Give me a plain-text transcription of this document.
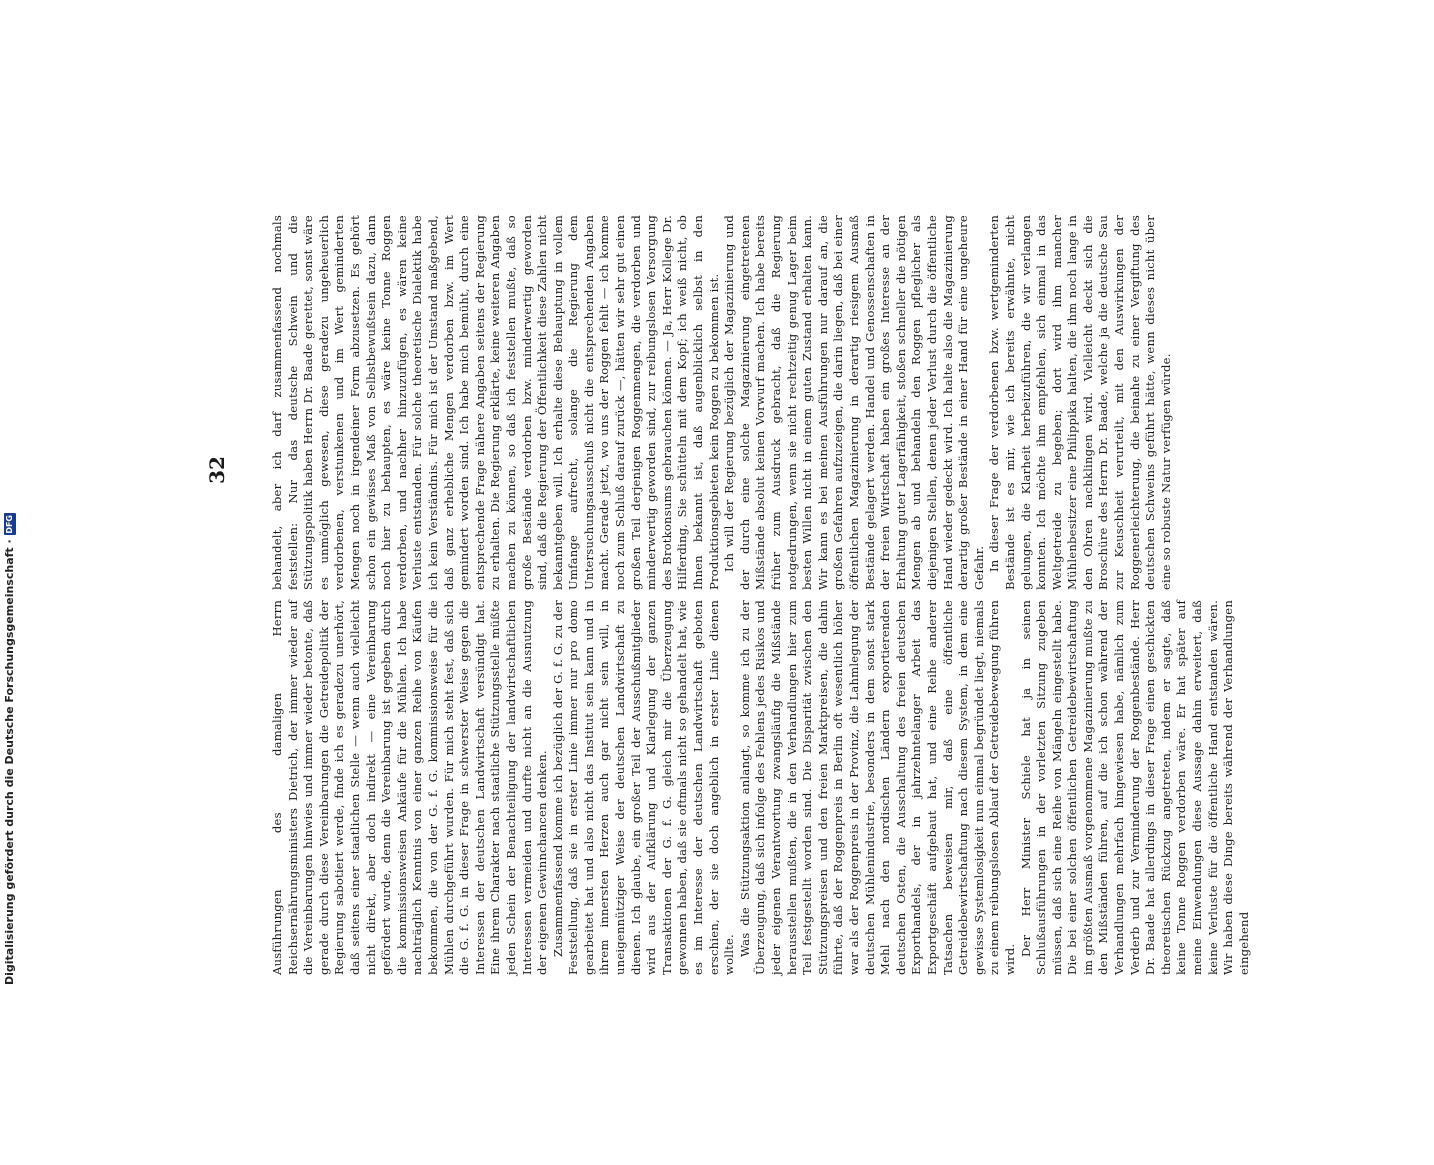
Digitalisierung gefördert durch die Deutsche Forschungsgemeinschaft ·
DFG
32

Ausführungen des damaligen Herrn Reichsernährungsministers Dietrich, der immer wieder auf die Vereinbarungen hinwies und immer wieder betonte, daß gerade durch diese Vereinbarungen die Getreidepolitik der Regierung sabotiert werde, finde ich es geradezu unerhört, daß seitens einer staatlichen Stelle — wenn auch vielleicht nicht direkt, aber doch indirekt — eine Vereinbarung gefördert wurde, denn die Vereinbarung ist gegeben durch die kommissionsweisen Ankäufe für die Mühlen. Ich habe nachträglich Kenntnis von einer ganzen Reihe von Käufen bekommen, die von der G. f. G. kommissionsweise für die Mühlen durchgeführt wurden. Für mich steht fest, daß sich die G. f. G. in dieser Frage in schwerster Weise gegen die Interessen der deutschen Landwirtschaft versündigt hat. Eine ihrem Charakter nach staatliche Stützungsstelle müßte jeden Schein der Benachteiligung der landwirtschaftlichen Interessen vermeiden und durfte nicht an die Ausnutzung der eigenen Gewinnchancen denken. Zusammenfassend komme ich bezüglich der G. f. G. zu der Feststellung, daß sie in erster Linie immer nur pro domo gearbeitet hat und also nicht das Institut sein kann und in ihrem innersten Herzen auch gar nicht sein will, in uneigennütziger Weise der deutschen Landwirtschaft zu dienen. Ich glaube, ein großer Teil der Ausschußmitglieder wird aus der Aufklärung und Klarlegung der ganzen Transaktionen der G. f. G. gleich mir die Überzeugung gewonnen haben, daß sie oftmals nicht so gehandelt hat, wie es im Interesse der deutschen Landwirtschaft geboten erschien, der sie doch angeblich in erster Linie dienen wollte. Was die Stützungsaktion anlangt, so komme ich zu der Überzeugung, daß sich infolge des Fehlens jedes Risikos und jeder eigenen Verantwortung zwangsläufig die Mißstände herausstellen mußten, die in den Verhandlungen hier zum Teil festgestellt worden sind. Die Disparität zwischen den Stützungspreisen und den freien Marktpreisen, die dahin führte, daß der Roggenpreis in Berlin oft wesentlich höher war als der Roggenpreis in der Provinz, die Lahmlegung der deutschen Mühlenindustrie, besonders in dem sonst stark Mehl nach den nordischen Ländern exportierenden deutschen Osten, die Ausschaltung des freien deutschen Exporthandels, der in jahrzehntelanger Arbeit das Exportgeschäft aufgebaut hat, und eine Reihe anderer Tatsachen beweisen mir, daß eine öffentliche Getreidebewirtschaftung nach diesem System, in dem eine gewisse Systemlosigkeit nun einmal begründet liegt, niemals zu einem reibungslosen Ablauf der Getreidebewegung führen wird.

Der Herr Minister Schiele hat ja in seinen Schlußausführungen in der vorletzten Sitzung zugeben müssen, daß sich eine Reihe von Mängeln eingestellt habe. Die bei einer solchen öffentlichen Getreidebewirtschaftung im größten Ausmaß vorgenommene Magazinierung mußte zu den Mißständen führen, auf die ich schon während der Verhandlungen mehrfach hingewiesen habe, nämlich zum Verderb und zur Verminderung der Roggenbestände. Herr Dr. Baade hat allerdings in dieser Frage einen geschickten theoretischen Rückzug angetreten, indem er sagte, daß keine Tonne Roggen verdorben wäre. Er hat später auf meine Einwendungen diese Aussage dahin erweitert, daß keine Verluste für die öffentliche Hand entstanden wären. Wir haben diese Dinge bereits während der Verhandlungen eingehend

behandelt, aber ich darf zusammenfassend nochmals feststellen: Nur das deutsche Schwein und die Stützungspolitik haben Herrn Dr. Baade gerettet, sonst wäre es unmöglich gewesen, diese geradezu ungeheuerlich verdorbenen, verstunkenen und im Wert geminderten Mengen noch in irgendeiner Form abzusetzen. Es gehört schon ein gewisses Maß von Selbstbewußtsein dazu, dann noch hier zu behaupten, es wäre keine Tonne Roggen verdorben, und nachher hinzuzufügen, es wären keine Verluste entstanden. Für solche theoretische Dialektik habe ich kein Verständnis. Für mich ist der Umstand maßgebend, daß ganz erhebliche Mengen verdorben bzw. im Wert gemindert worden sind. Ich habe mich bemüht, durch eine entsprechende Frage nähere Angaben seitens der Regierung zu erhalten. Die Regierung erklärte, keine weiteren Angaben machen zu können, so daß ich feststellen mußte, daß so große Bestände verdorben bzw. minderwertig geworden sind, daß die Regierung der Öffentlichkeit diese Zahlen nicht bekanntgeben will. Ich erhalte diese Behauptung in vollem Umfange aufrecht, solange die Regierung dem Untersuchungsausschuß nicht die entsprechenden Angaben macht. Gerade jetzt, wo uns der Roggen fehlt — ich komme noch zum Schluß darauf zurück —, hätten wir sehr gut einen großen Teil derjenigen Roggenmengen, die verdorben und minderwertig geworden sind, zur reibungslosen Versorgung des Brotkonsums gebrauchen können. — Ja, Herr Kollege Dr. Hilferding, Sie schütteln mit dem Kopf; ich weiß nicht, ob Ihnen bekannt ist, daß augenblicklich selbst in den Produktionsgebieten kein Roggen zu bekommen ist. Ich will der Regierung bezüglich der Magazinierung und der durch eine solche Magazinierung eingetretenen Mißstände absolut keinen Vorwurf machen. Ich habe bereits früher zum Ausdruck gebracht, daß die Regierung notgedrungen, wenn sie nicht rechtzeitig genug Lager beim besten Willen nicht in einem guten Zustand erhalten kann. Wir kann es bei meinen Ausführungen nur darauf an, die großen Gefahren aufzuzeigen, die darin liegen, daß bei einer öffentlichen Magazinierung in derartig riesigem Ausmaß Bestände gelagert werden. Handel und Genossenschaften in der freien Wirtschaft haben ein großes Interesse an der Erhaltung guter Lagerfähigkeit, stoßen schneller die nötigen Mengen ab und behandeln den Roggen pfleglicher als diejenigen Stellen, denen jeder Verlust durch die öffentliche Hand wieder gedeckt wird. Ich halte also die Magazinierung derartig großer Bestände in einer Hand für eine ungeheure Gefahr. In dieser Frage der verdorbenen bzw. wertgeminderten Bestände ist es mir, wie ich bereits erwähnte, nicht gelungen, die Klarheit herbeizuführen, die wir verlangen konnten. Ich möchte ihm empfehlen, sich einmal in das Weltgetreide zu begeben; dort wird ihm mancher Mühlenbesitzer eine Philippika halten, die ihm noch lange in den Ohren nachklingen wird. Vielleicht deckt sich die Broschüre des Herrn Dr. Baade, welche ja die deutsche Sau zur Keuschheit verurteilt, mit den Auswirkungen der Roggenerleichterung, die beinahe zu einer Vergiftung des deutschen Schweins geführt hätte, wenn dieses nicht über eine so robuste Natur verfügen würde.
